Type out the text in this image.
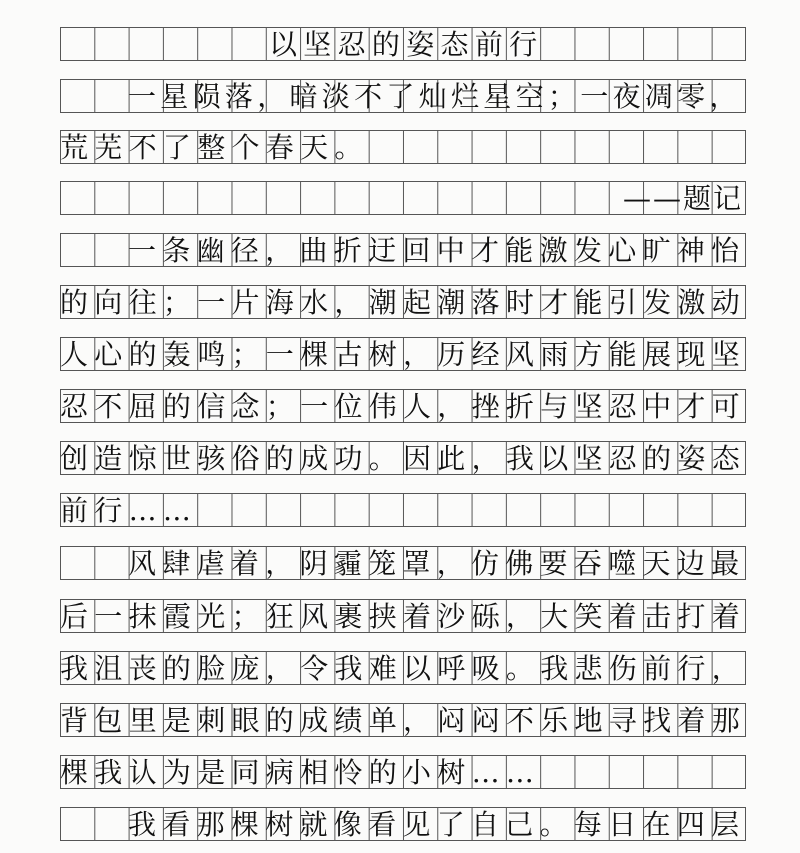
以坚忍的姿态前行
一星陨落，暗淡不了灿烂星空；一夜凋零，
荒芜不了整个春天。
——题记
一条幽径，曲折迂回中才能激发心旷神怡
的向往；一片海水，潮起潮落时才能引发激动
人心的轰鸣；一棵古树，历经风雨方能展现坚
忍不屈的信念；一位伟人，挫折与坚忍中才可
创造惊世骇俗的成功。因此，我以坚忍的姿态
前行……
风肆虐着，阴霾笼罩，仿佛要吞噬天边最
后一抹霞光；狂风裹挟着沙砾，大笑着击打着
我沮丧的脸庞，令我难以呼吸。我悲伤前行，
背包里是刺眼的成绩单，闷闷不乐地寻找着那
棵我认为是同病相怜的小树……
我看那棵树就像看见了自己。每日在四层
